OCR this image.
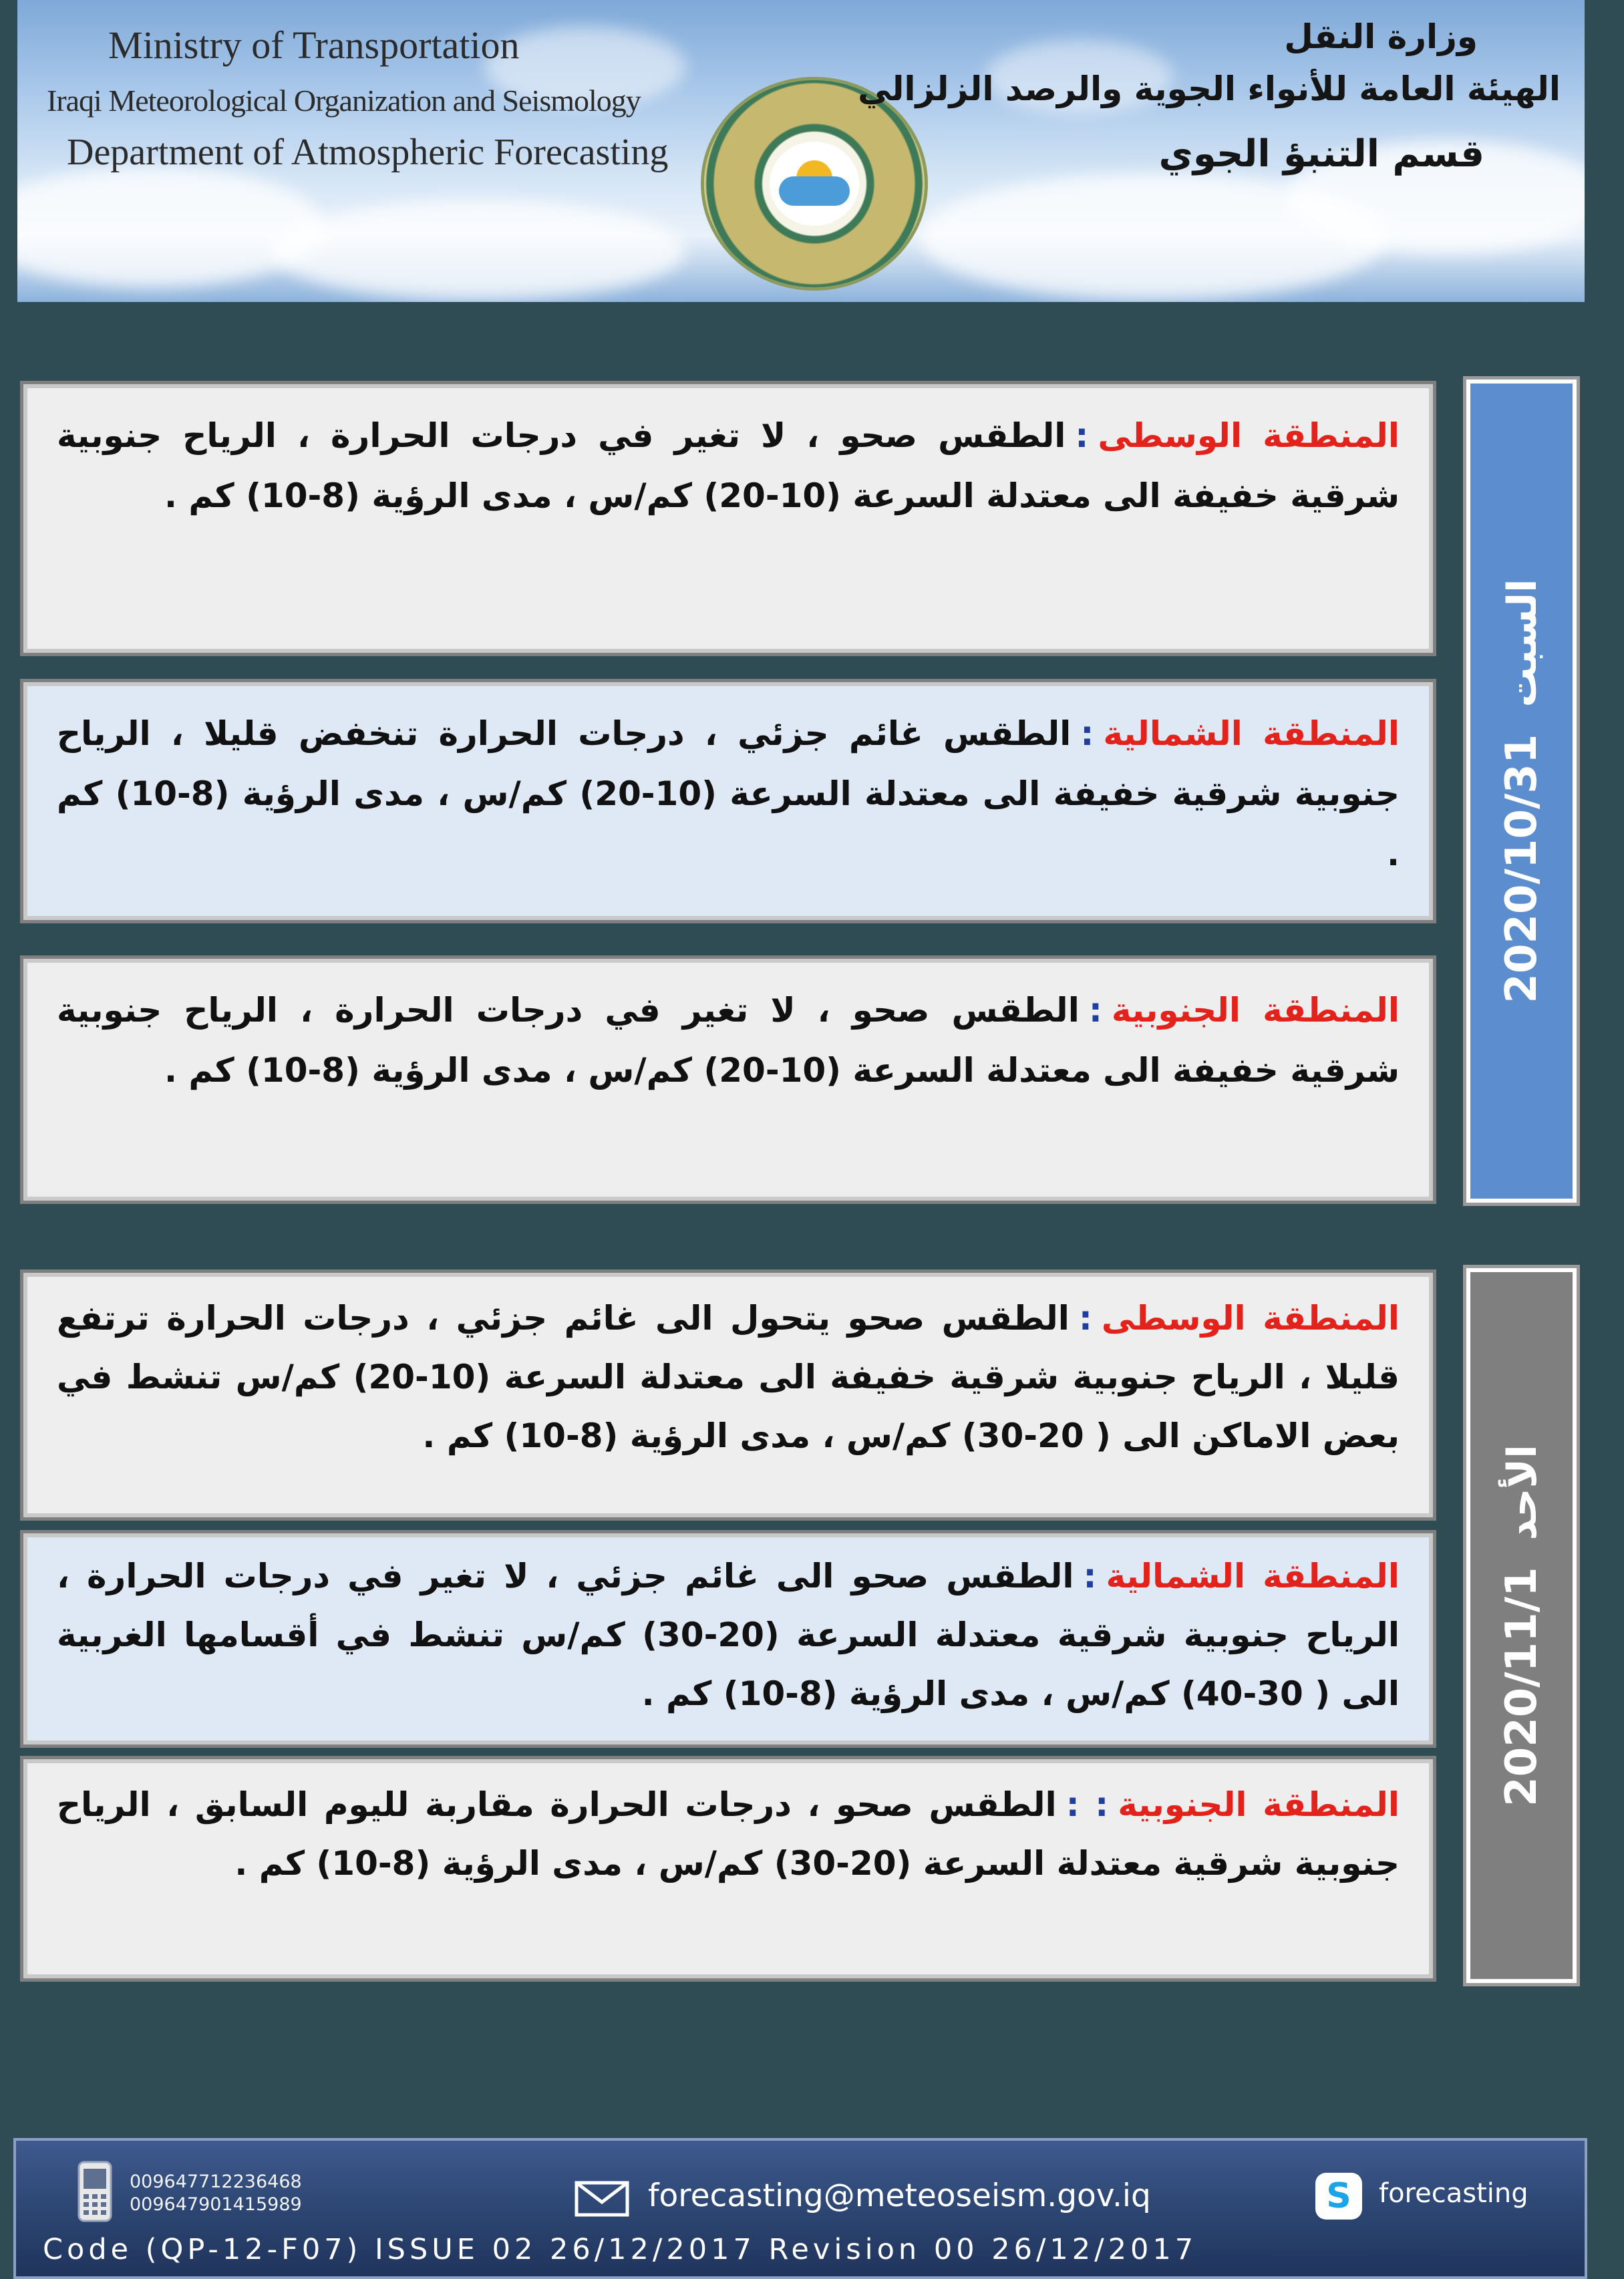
Ministry of Transportation
Iraqi Meteorological Organization and Seismology
Department of Atmospheric Forecasting
وزارة النقل
الهيئة العامة للأنواء الجوية والرصد الزلزالي
قسم التنبؤ الجوي
المنطقة الوسطى:الطقس صحو ، لا تغير في درجات الحرارة ، الرياح جنوبية شرقية خفيفة الى معتدلة السرعة (10-20) كم/س ، مدى الرؤية (8-10) كم .
المنطقة الشمالية:الطقس غائم جزئي ، درجات الحرارة تنخفض قليلا ، الرياح جنوبية شرقية خفيفة الى معتدلة السرعة (10-20) كم/س ، مدى الرؤية (8-10) كم .
المنطقة الجنوبية:الطقس صحو ، لا تغير في درجات الحرارة ، الرياح جنوبية شرقية خفيفة الى معتدلة السرعة (10-20) كم/س ، مدى الرؤية (8-10) كم .
2020/10/31السبت
المنطقة الوسطى:الطقس صحو يتحول الى غائم جزئي ، درجات الحرارة ترتفع قليلا ، الرياح جنوبية شرقية خفيفة الى معتدلة السرعة (10-20) كم/س تنشط في بعض الاماكن الى ( 20-30) كم/س ، مدى الرؤية (8-10) كم .
المنطقة الشمالية:الطقس صحو الى غائم جزئي ، لا تغير في درجات الحرارة ، الرياح جنوبية شرقية معتدلة السرعة (20-30) كم/س تنشط في أقسامها الغربية الى ( 30-40) كم/س ، مدى الرؤية (8-10) كم .
المنطقة الجنوبية: :الطقس صحو ، درجات الحرارة مقاربة لليوم السابق ، الرياح جنوبية شرقية معتدلة السرعة (20-30) كم/س ، مدى الرؤية (8-10) كم .
2020/11/1الأحد
009647712236468
009647901415989	forecasting@meteoseism.gov.iq	S	forecasting
Code (QP-12-F07) ISSUE 02 26/12/2017 Revision 00 26/12/2017
